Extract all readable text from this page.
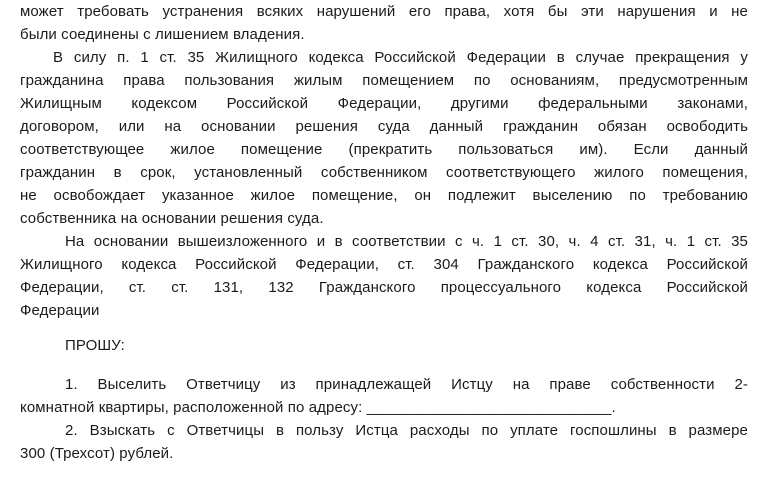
может требовать устранения всяких нарушений его права, хотя бы эти нарушения и не
были соединены с лишением владения.
В силу п. 1 ст. 35 Жилищного кодекса Российской Федерации в случае прекращения у
гражданина права пользования жилым помещением по основаниям, предусмотренным
Жилищным кодексом Российской Федерации, другими федеральными законами,
договором, или на основании решения суда данный гражданин обязан освободить
соответствующее жилое помещение (прекратить пользоваться им). Если данный
гражданин в срок, установленный собственником соответствующего жилого помещения,
не освобождает указанное жилое помещение, он подлежит выселению по требованию
собственника на основании решения суда.
На основании вышеизложенного и в соответствии с ч. 1 ст. 30, ч. 4 ст. 31, ч. 1 ст. 35
Жилищного кодекса Российской Федерации, ст. 304 Гражданского кодекса Российской
Федерации, ст. ст. 131, 132 Гражданского процессуального кодекса Российской
Федерации
ПРОШУ:
1. Выселить Ответчицу из принадлежащей Истцу на праве собственности 2-
комнатной квартиры, расположенной по адресу: _____________________________.
2. Взыскать с Ответчицы в пользу Истца расходы по уплате госпошлины в размере
300 (Трехсот) рублей.
